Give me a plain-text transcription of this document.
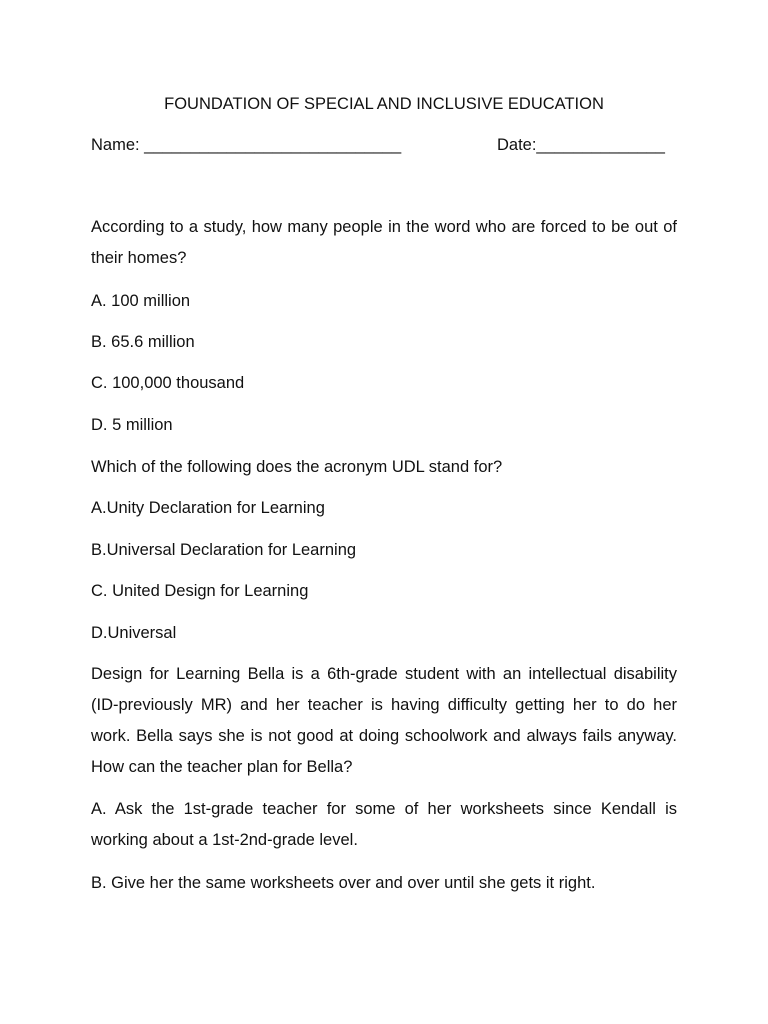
FOUNDATION OF SPECIAL AND INCLUSIVE EDUCATION
Name: ____________________________	Date:______________
According to a study, how many people in the word who are forced to be out of their homes?
A. 100 million
B. 65.6 million
C. 100,000 thousand
D. 5 million
Which of the following does the acronym UDL stand for?
A.Unity Declaration for Learning
B.Universal Declaration for Learning
C. United Design for Learning
D.Universal
Design for Learning Bella is a 6th-grade student with an intellectual disability (ID-previously MR) and her teacher is having difficulty getting her to do her work. Bella says she is not good at doing schoolwork and always fails anyway. How can the teacher plan for Bella?
A. Ask the 1st-grade teacher for some of her worksheets since Kendall is working about a 1st-2nd-grade level.
B. Give her the same worksheets over and over until she gets it right.
